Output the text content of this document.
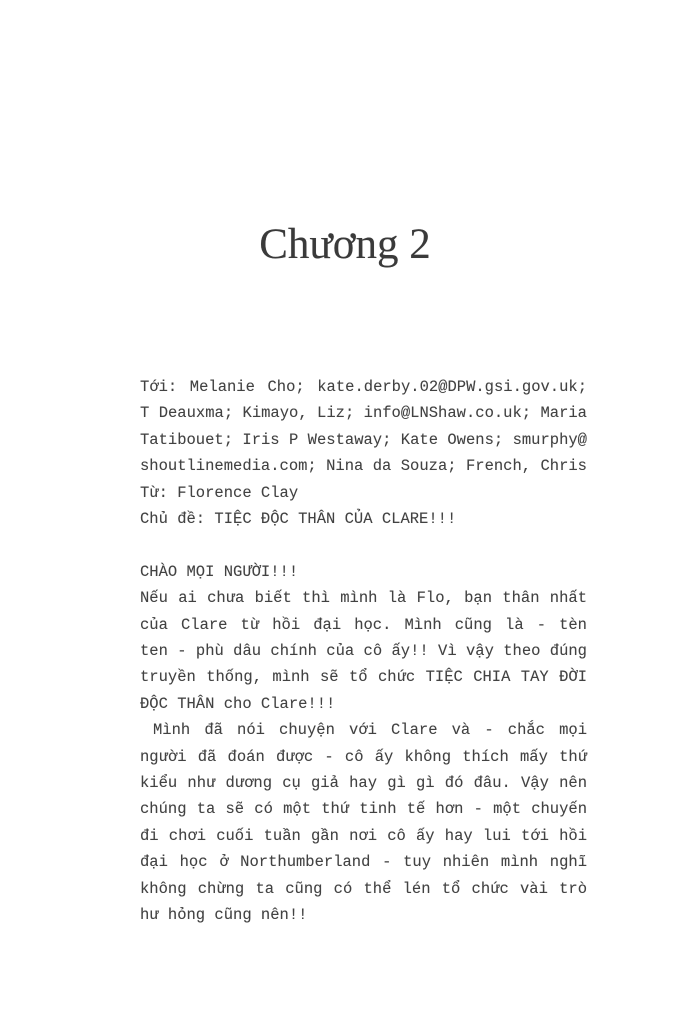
Chương 2
Tới: Melanie Cho; kate.derby.02@DPW.gsi.gov.uk;
T Deauxma; Kimayo, Liz; info@LNShaw.co.uk; Maria
Tatibouet; Iris P Westaway; Kate Owens; smurphy@
shoutlinemedia.com; Nina da Souza; French, Chris
Từ: Florence Clay
Chủ đề: TIỆC ĐỘC THÂN CỦA CLARE!!!
CHÀO MỌI NGƯỜI!!!
Nếu ai chưa biết thì mình là Flo, bạn thân nhất
của Clare từ hồi đại học. Mình cũng là - tèn
ten - phù dâu chính của cô ấy!! Vì vậy theo đúng
truyền thống, mình sẽ tổ chức TIỆC CHIA TAY ĐỜI
ĐỘC THÂN cho Clare!!!
Mình đã nói chuyện với Clare và - chắc mọi
người đã đoán được - cô ấy không thích mấy thứ
kiểu như dương cụ giả hay gì gì đó đâu. Vậy nên
chúng ta sẽ có một thứ tinh tế hơn - một chuyến
đi chơi cuối tuần gần nơi cô ấy hay lui tới hồi
đại học ở Northumberland - tuy nhiên mình nghĩ
không chừng ta cũng có thể lén tổ chức vài trò
hư hỏng cũng nên!!
